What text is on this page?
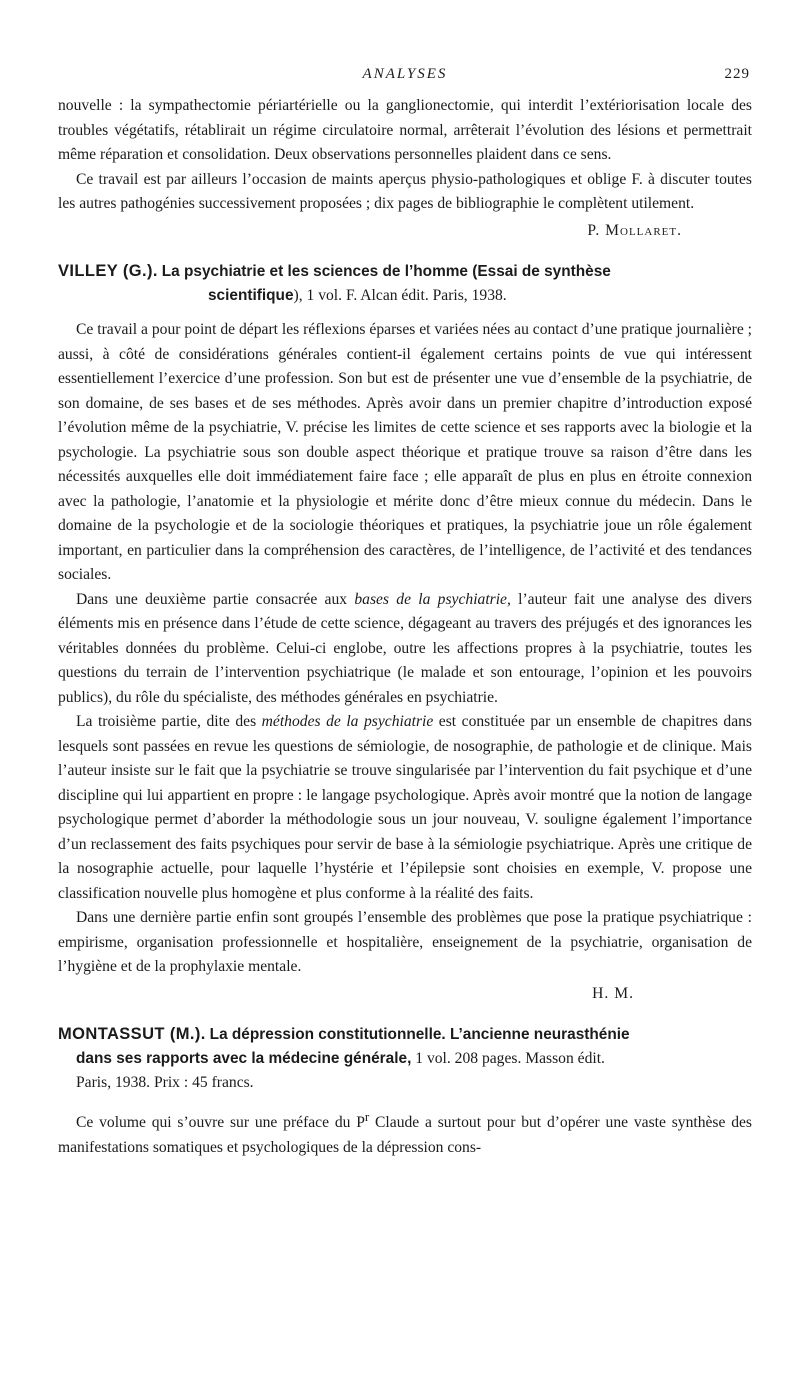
ANALYSES	229

nouvelle : la sympathectomie périartérielle ou la ganglionectomie, qui interdit l’extériorisation locale des troubles végétatifs, rétablirait un régime circulatoire normal, arrêterait l’évolution des lésions et permettrait même réparation et consolidation. Deux observations personnelles plaident dans ce sens.

Ce travail est par ailleurs l’occasion de maints aperçus physio-pathologiques et oblige F. à discuter toutes les autres pathogénies successivement proposées ; dix pages de bibliographie le complètent utilement.

P. Mollaret.
VILLEY (G.). La psychiatrie et les sciences de l’homme (Essai de synthèse
scientifique), 1 vol. F. Alcan édit. Paris, 1938.

Ce travail a pour point de départ les réflexions éparses et variées nées au contact d’une pratique journalière ; aussi, à côté de considérations générales contient-il également certains points de vue qui intéressent essentiellement l’exercice d’une profession. Son but est de présenter une vue d’ensemble de la psychiatrie, de son domaine, de ses bases et de ses méthodes. Après avoir dans un premier chapitre d’introduction exposé l’évolution même de la psychiatrie, V. précise les limites de cette science et ses rapports avec la biologie et la psychologie. La psychiatrie sous son double aspect théorique et pratique trouve sa raison d’être dans les nécessités auxquelles elle doit immédiatement faire face ; elle apparaît de plus en plus en étroite connexion avec la pathologie, l’anatomie et la physiologie et mérite donc d’être mieux connue du médecin. Dans le domaine de la psychologie et de la sociologie théoriques et pratiques, la psychiatrie joue un rôle également important, en particulier dans la compréhension des caractères, de l’intelligence, de l’activité et des tendances sociales.

Dans une deuxième partie consacrée aux bases de la psychiatrie, l’auteur fait une analyse des divers éléments mis en présence dans l’étude de cette science, dégageant au travers des préjugés et des ignorances les véritables données du problème. Celui-ci englobe, outre les affections propres à la psychiatrie, toutes les questions du terrain de l’intervention psychiatrique (le malade et son entourage, l’opinion et les pouvoirs publics), du rôle du spécialiste, des méthodes générales en psychiatrie.

La troisième partie, dite des méthodes de la psychiatrie est constituée par un ensemble de chapitres dans lesquels sont passées en revue les questions de sémiologie, de nosographie, de pathologie et de clinique. Mais l’auteur insiste sur le fait que la psychiatrie se trouve singularisée par l’intervention du fait psychique et d’une discipline qui lui appartient en propre : le langage psychologique. Après avoir montré que la notion de langage psychologique permet d’aborder la méthodologie sous un jour nouveau, V. souligne également l’importance d’un reclassement des faits psychiques pour servir de base à la sémiologie psychiatrique. Après une critique de la nosographie actuelle, pour laquelle l’hystérie et l’épilepsie sont choisies en exemple, V. propose une classification nouvelle plus homogène et plus conforme à la réalité des faits.

Dans une dernière partie enfin sont groupés l’ensemble des problèmes que pose la pratique psychiatrique : empirisme, organisation professionnelle et hospitalière, enseignement de la psychiatrie, organisation de l’hygiène et de la prophylaxie mentale.

H. M.
MONTASSUT (M.). La dépression constitutionnelle. L’ancienne neurasthénie
dans ses rapports avec la médecine générale, 1 vol. 208 pages. Masson édit.
Paris, 1938. Prix : 45 francs.

Ce volume qui s’ouvre sur une préface du $P^r$ Claude a surtout pour but d’opérer une vaste synthèse des manifestations somatiques et psychologiques de la dépression cons-
